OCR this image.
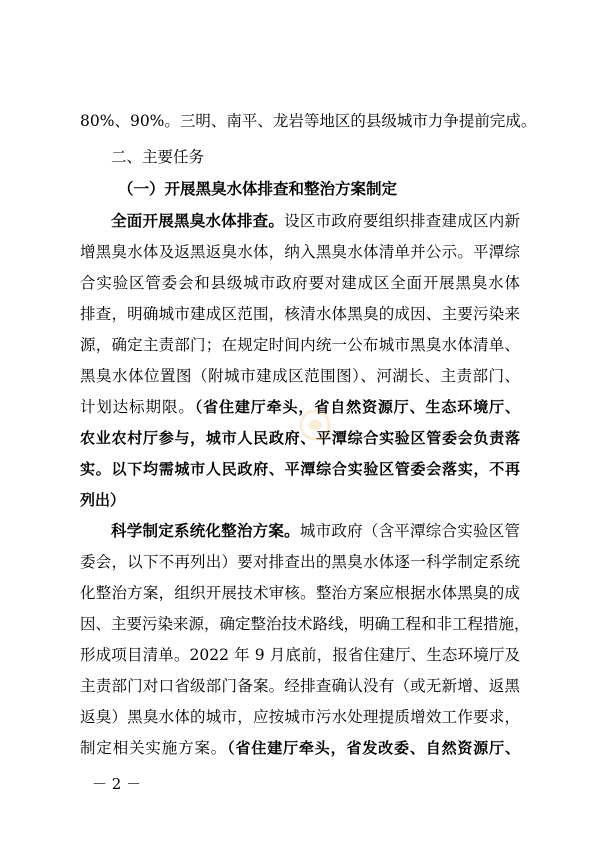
80%、90%。三明、南平、龙岩等地区的县级城市力争提前完成。
二、主要任务
（一）开展黑臭水体排查和整治方案制定
全面开展黑臭水体排查。设区市政府要组织排查建成区内新
增黑臭水体及返黑返臭水体，纳入黑臭水体清单并公示。平潭综
合实验区管委会和县级城市政府要对建成区全面开展黑臭水体
排查，明确城市建成区范围，核清水体黑臭的成因、主要污染来
源，确定主责部门；在规定时间内统一公布城市黑臭水体清单、
黑臭水体位置图（附城市建成区范围图）、河湖长、主责部门、
计划达标期限。（省住建厅牵头，省自然资源厅、生态环境厅、
农业农村厅参与，城市人民政府、平潭综合实验区管委会负责落
实。以下均需城市人民政府、平潭综合实验区管委会落实，不再
列出）
科学制定系统化整治方案。城市政府（含平潭综合实验区管
委会，以下不再列出）要对排查出的黑臭水体逐一科学制定系统
化整治方案，组织开展技术审核。整治方案应根据水体黑臭的成
因、主要污染来源，确定整治技术路线，明确工程和非工程措施，
形成项目清单。2022 年 9 月底前，报省住建厅、生态环境厅及
主责部门对口省级部门备案。经排查确认没有（或无新增、返黑
返臭）黑臭水体的城市，应按城市污水处理提质增效工作要求，
制定相关实施方案。（省住建厅牵头，省发改委、自然资源厅、
－ 2 －
